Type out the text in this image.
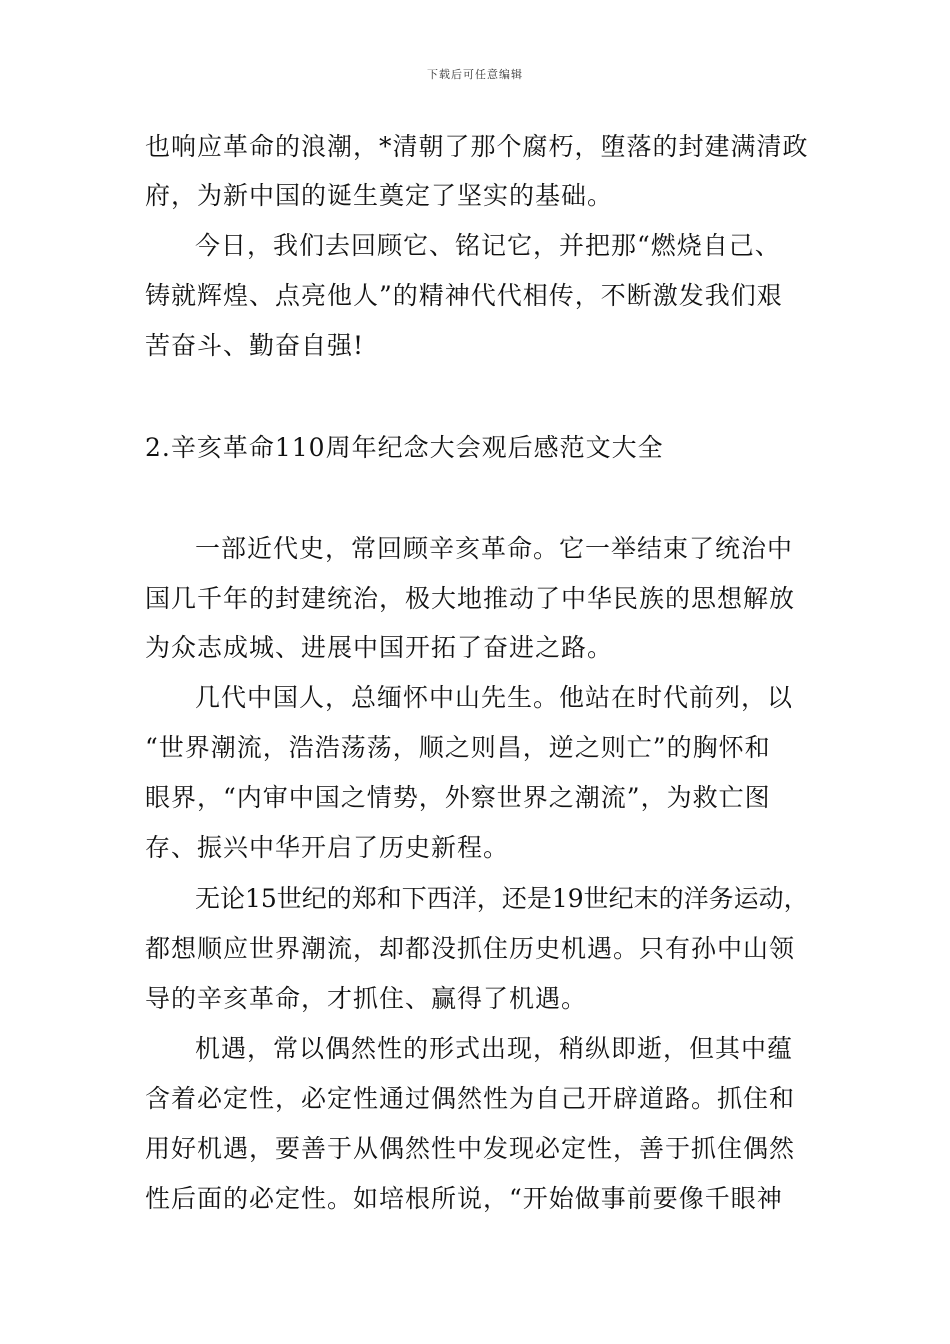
下载后可任意编辑
也响应革命的浪潮，*清朝了那个腐朽，堕落的封建满清政
府，为新中国的诞生奠定了坚实的基础。
今日，我们去回顾它、铭记它，并把那“燃烧自己、
铸就辉煌、点亮他人”的精神代代相传，不断激发我们艰
苦奋斗、勤奋自强!
2.辛亥革命110周年纪念大会观后感范文大全
一部近代史，常回顾辛亥革命。它一举结束了统治中
国几千年的封建统治，极大地推动了中华民族的思想解放
为众志成城、进展中国开拓了奋进之路。
几代中国人，总缅怀中山先生。他站在时代前列，以
“世界潮流，浩浩荡荡，顺之则昌，逆之则亡”的胸怀和
眼界，“内审中国之情势，外察世界之潮流”，为救亡图
存、振兴中华开启了历史新程。
无论15世纪的郑和下西洋，还是19世纪末的洋务运动，
都想顺应世界潮流，却都没抓住历史机遇。只有孙中山领
导的辛亥革命，才抓住、赢得了机遇。
机遇，常以偶然性的形式出现，稍纵即逝，但其中蕴
含着必定性，必定性通过偶然性为自己开辟道路。抓住和
用好机遇，要善于从偶然性中发现必定性，善于抓住偶然
性后面的必定性。如培根所说，“开始做事前要像千眼神
